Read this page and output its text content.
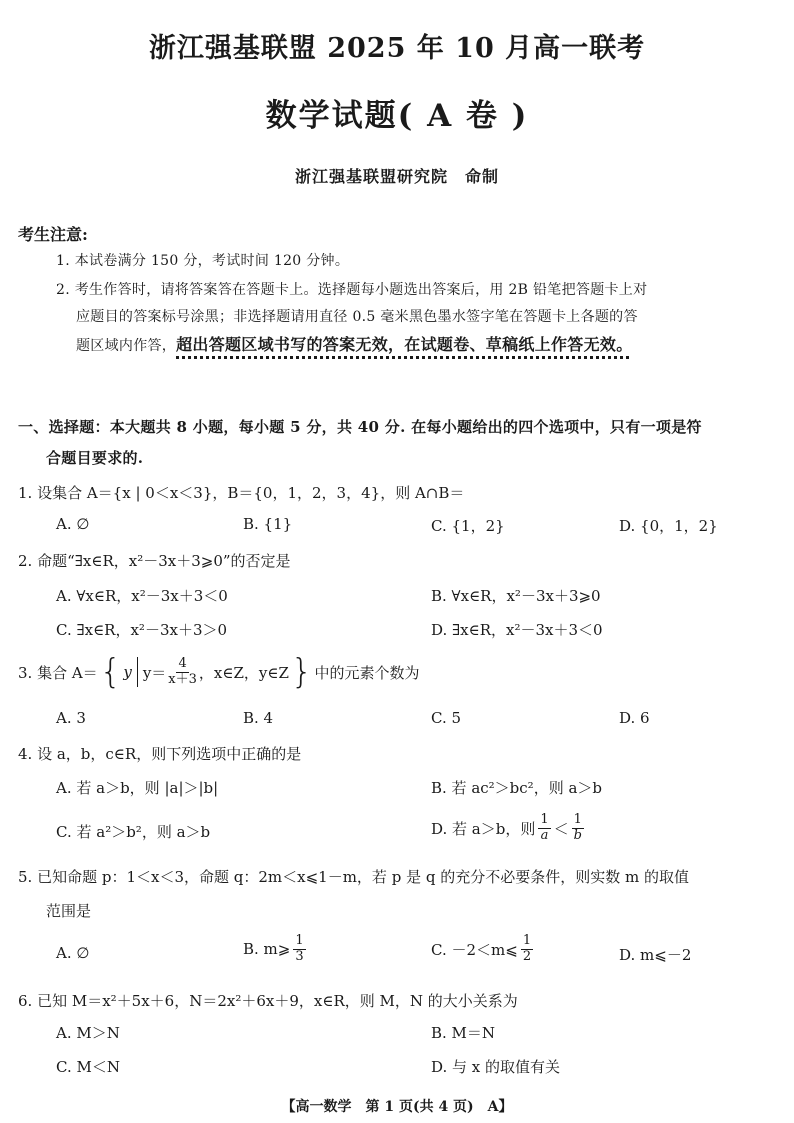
浙江强基联盟 2025 年 10 月高一联考
数学试题( A 卷 )
浙江强基联盟研究院　命制
考生注意:
1. 本试卷满分 150 分，考试时间 120 分钟。
2. 考生作答时，请将答案答在答题卡上。选择题每小题选出答案后，用 2B 铅笔把答题卡上对
应题目的答案标号涂黑；非选择题请用直径 0.5 毫米黑色墨水签字笔在答题卡上各题的答
题区域内作答，超出答题区域书写的答案无效，在试题卷、草稿纸上作答无效。
一、选择题：本大题共 8 小题，每小题 5 分，共 40 分. 在每小题给出的四个选项中，只有一项是符
合题目要求的.
1. 设集合 A＝{x | 0＜x＜3}，B＝{0，1，2，3，4}，则 A∩B＝
A. ∅	B. {1}	C. {1，2}	D. {0，1，2}
2. 命题“∃x∈R，x²－3x＋3⩾0”的否定是
A. ∀x∈R，x²－3x＋3＜0	B. ∀x∈R，x²－3x＋3⩾0
C. ∃x∈R，x²－3x＋3＞0	D. ∃x∈R，x²－3x＋3＜0
3. 集合 A＝ { y $y= \frac{4}{x+3}$ ，x∈Z，y∈Z } 中的元素个数为
A. 3	B. 4	C. 5	D. 6
4. 设 a，b，c∈R，则下列选项中正确的是
A. 若 a＞b，则 |a|＞|b|	B. 若 ac²＞bc²，则 a＞b
C. 若 a²＞b²，则 a＞b	D. 若 a＞b，则 $\frac{1}{a} < \frac{1}{b}$
5. 已知命题 p：1＜x＜3，命题 q：2m＜x⩽1－m，若 p 是 q 的充分不必要条件，则实数 m 的取值
范围是
A. ∅	B. m⩾ $\frac{1}{3}$	C. －2＜m⩽ $\frac{1}{2}$	D. m⩽－2
6. 已知 M＝x²＋5x＋6，N＝2x²＋6x＋9，x∈R，则 M，N 的大小关系为
A. M＞N	B. M＝N
C. M＜N	D. 与 x 的取值有关
【高一数学　第 1 页(共 4 页)　A】
